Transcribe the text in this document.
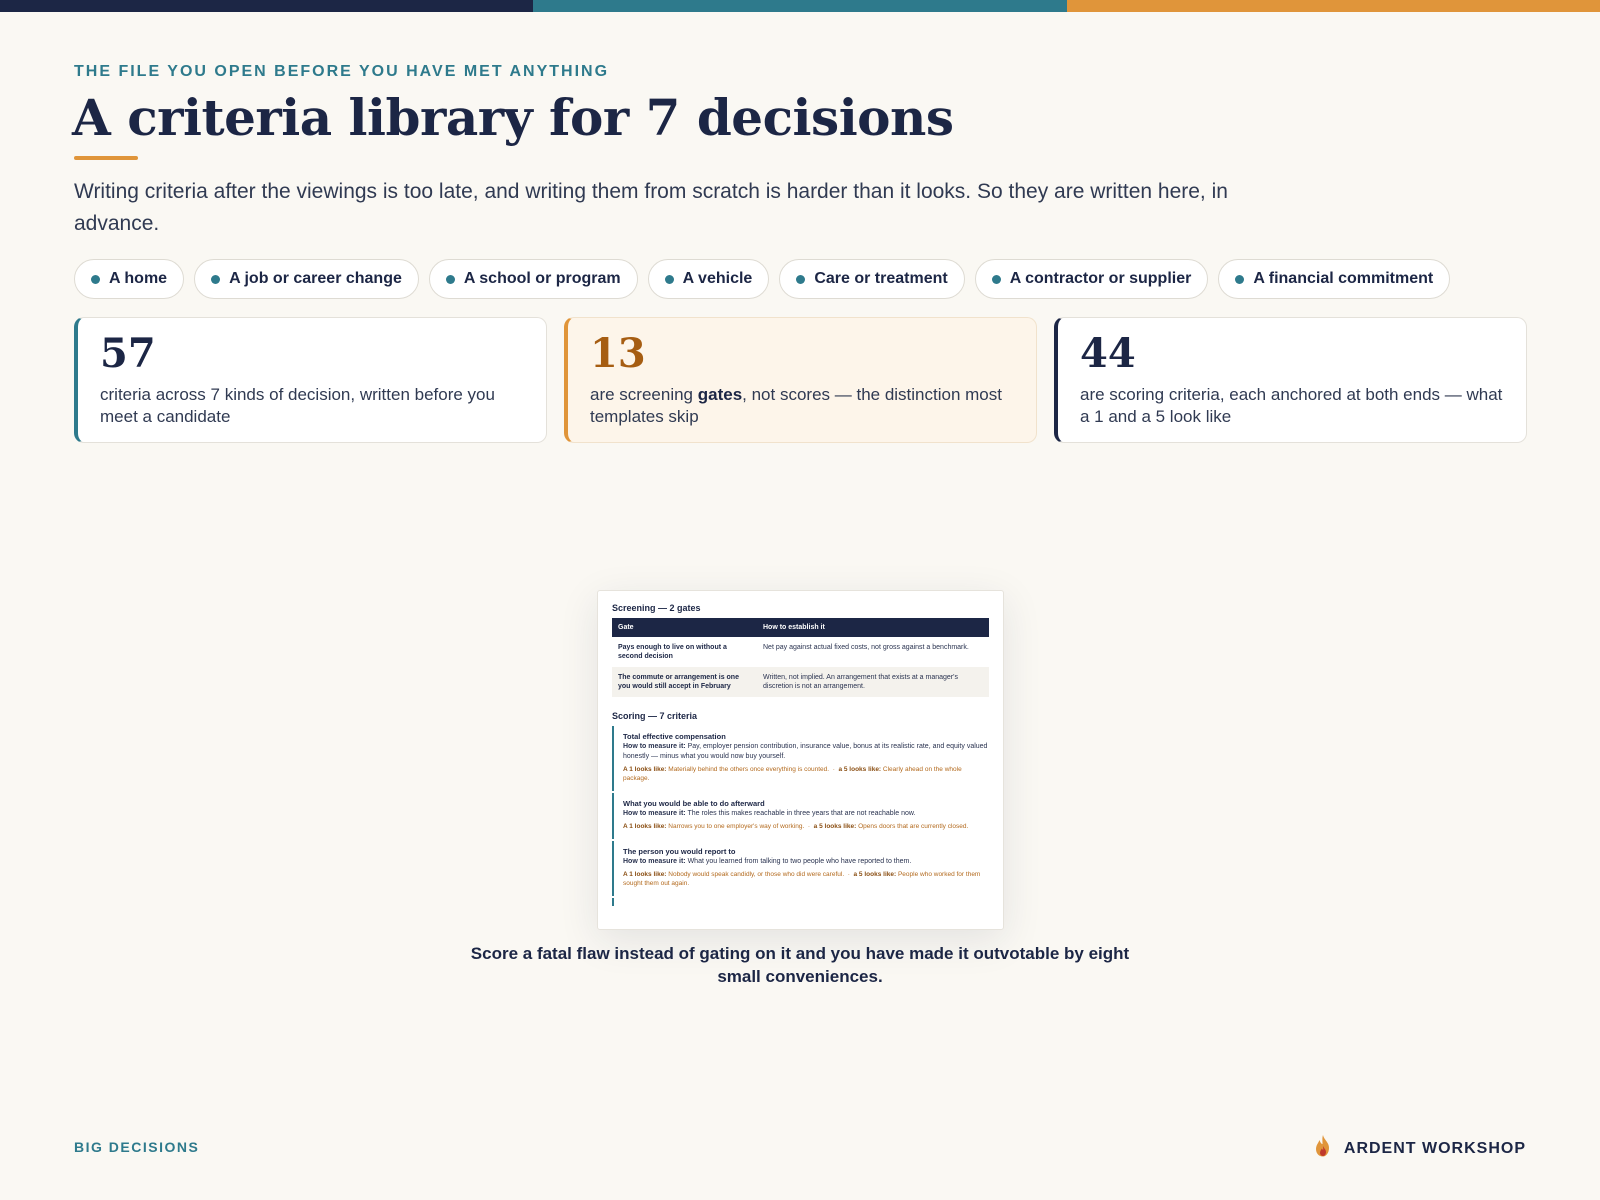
THE FILE YOU OPEN BEFORE YOU HAVE MET ANYTHING
A criteria library for 7 decisions

Writing criteria after the viewings is too late, and writing them from scratch is harder than it looks. So they are written here, in advance.

A home	A job or career change	A school or program	A vehicle	Care or treatment	A contractor or supplier	A financial commitment
57
criteria across 7 kinds of decision, written before you meet a candidate
13
are screening gates, not scores — the distinction most templates skip
44
are scoring criteria, each anchored at both ends — what a 1 and a 5 look like
Screening — 2 gates
Gate	How to establish it
Pays enough to live on without a second decision	Net pay against actual fixed costs, not gross against a benchmark.
The commute or arrangement is one you would still accept in February	Written, not implied. An arrangement that exists at a manager's discretion is not an arrangement.
Scoring — 7 criteria
Total effective compensation
How to measure it: Pay, employer pension contribution, insurance value, bonus at its realistic rate, and equity valued honestly — minus what you would now buy yourself.
A 1 looks like: Materially behind the others once everything is counted.  ·  a 5 looks like: Clearly ahead on the whole package.
What you would be able to do afterward
How to measure it: The roles this makes reachable in three years that are not reachable now.
A 1 looks like: Narrows you to one employer's way of working.  ·  a 5 looks like: Opens doors that are currently closed.
The person you would report to
How to measure it: What you learned from talking to two people who have reported to them.
A 1 looks like: Nobody would speak candidly, or those who did were careful.  ·  a 5 looks like: People who worked for them sought them out again.

Score a fatal flaw instead of gating on it and you have made it outvotable by eight small conveniences.

BIG DECISIONS	ARDENT WORKSHOP
